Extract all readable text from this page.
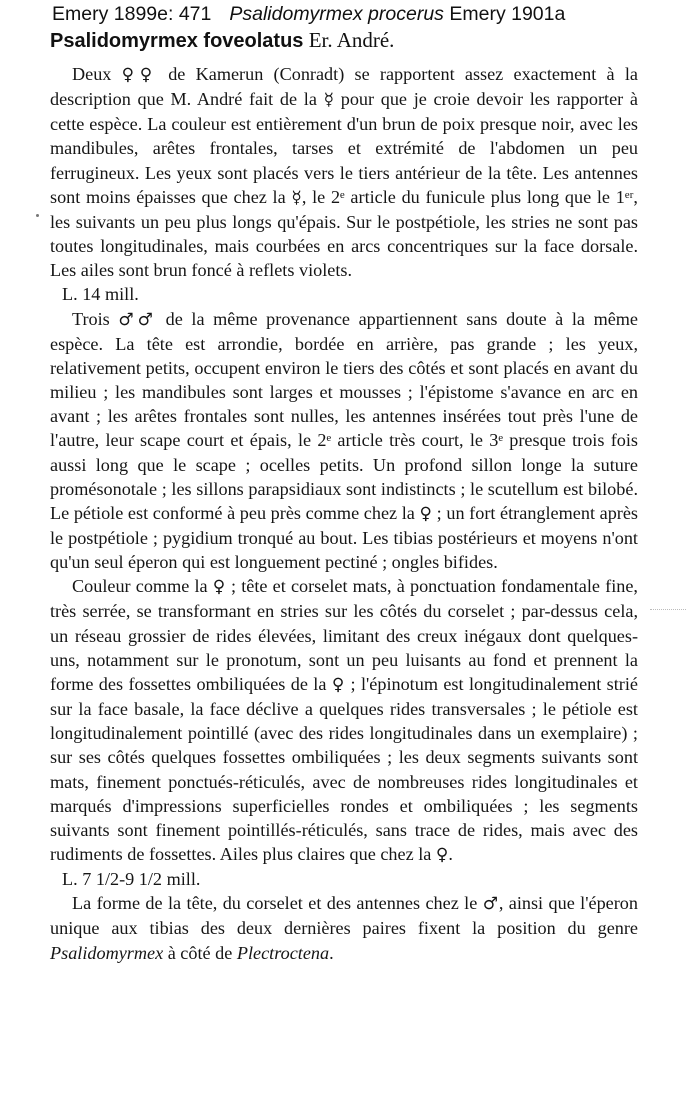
Emery 1899e: 471 Psalidomyrmex procerus Emery 1901a
Psalidomyrmex foveolatus Er. André.

Deux ♀♀ de Kamerun (Conradt) se rapportent assez exactement à la description que M. André fait de la ☿ pour que je croie devoir les rapporter à cette espèce. La couleur est entièrement d'un brun de poix presque noir, avec les mandibules, arêtes frontales, tarses et extrémité de l'abdomen un peu ferrugineux. Les yeux sont placés vers le tiers antérieur de la tête. Les antennes sont moins épaisses que chez la ☿, le 2ᵉ article du funicule plus long que le 1ᵉʳ, les suivants un peu plus longs qu'épais. Sur le postpétiole, les stries ne sont pas toutes longitudinales, mais courbées en arcs concentriques sur la face dorsale. Les ailes sont brun foncé à reflets violets.

L. 14 mill.

Trois ♂♂ de la même provenance appartiennent sans doute à la même espèce. La tête est arrondie, bordée en arrière, pas grande ; les yeux, relativement petits, occupent environ le tiers des côtés et sont placés en avant du milieu ; les mandibules sont larges et mousses ; l'épistome s'avance en arc en avant ; les arêtes frontales sont nulles, les antennes insérées tout près l'une de l'autre, leur scape court et épais, le 2ᵉ article très court, le 3ᵉ presque trois fois aussi long que le scape ; ocelles petits. Un profond sillon longe la suture promésonotale ; les sillons parapsidiaux sont indistincts ; le scutellum est bilobé. Le pétiole est conformé à peu près comme chez la ♀ ; un fort étranglement après le postpétiole ; pygidium tronqué au bout. Les tibias postérieurs et moyens n'ont qu'un seul éperon qui est longuement pectiné ; ongles bifides.

Couleur comme la ♀ ; tête et corselet mats, à ponctuation fondamentale fine, très serrée, se transformant en stries sur les côtés du corselet ; par-dessus cela, un réseau grossier de rides élevées, limitant des creux inégaux dont quelques-uns, notamment sur le pronotum, sont un peu luisants au fond et prennent la forme des fossettes ombiliquées de la ♀ ; l'épinotum est longitudinalement strié sur la face basale, la face déclive a quelques rides transversales ; le pétiole est longitudinalement pointillé (avec des rides longitudinales dans un exemplaire) ; sur ses côtés quelques fossettes ombiliquées ; les deux segments suivants sont mats, finement ponctués-réticulés, avec de nombreuses rides longitudinales et marqués d'impressions superficielles rondes et ombiliquées ; les segments suivants sont finement pointillés-réticulés, sans trace de rides, mais avec des rudiments de fossettes. Ailes plus claires que chez la ♀.

L. 7 1/2-9 1/2 mill.

La forme de la tête, du corselet et des antennes chez le ♂, ainsi que l'éperon unique aux tibias des deux dernières paires fixent la position du genre Psalidomyrmex à côté de Plectroctena.
